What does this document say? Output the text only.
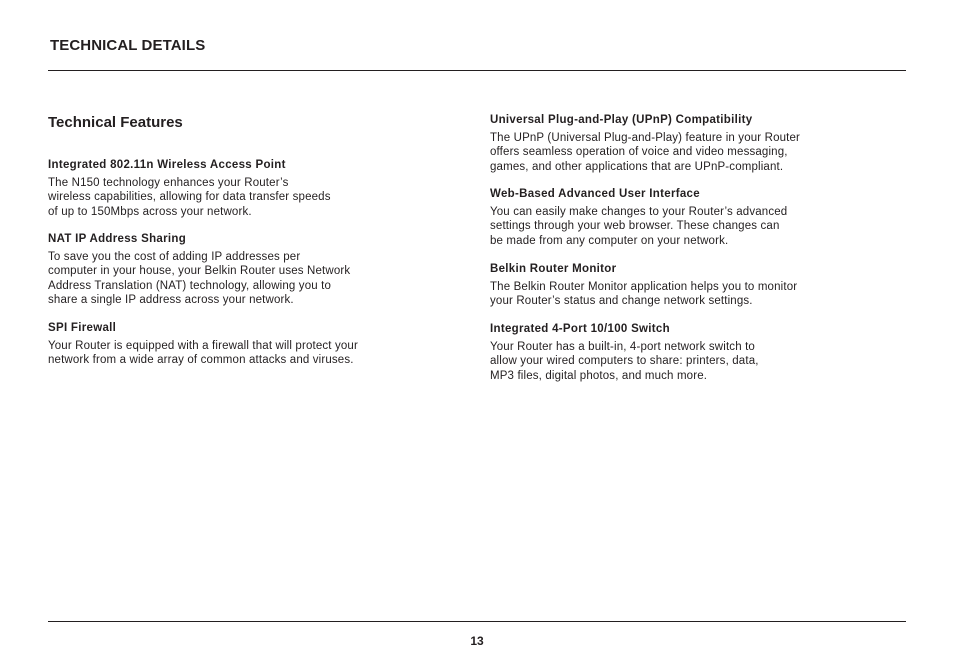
TECHNICAL DETAILS
Technical Features
Integrated 802.11n Wireless Access Point
The N150 technology enhances your Router’s
wireless capabilities, allowing for data transfer speeds
of up to 150Mbps across your network.
NAT IP Address Sharing
To save you the cost of adding IP addresses per
computer in your house, your Belkin Router uses Network
Address Translation (NAT) technology, allowing you to
share a single IP address across your network.
SPI Firewall
Your Router is equipped with a firewall that will protect your
network from a wide array of common attacks and viruses.
Universal Plug-and-Play (UPnP) Compatibility
The UPnP (Universal Plug-and-Play) feature in your Router
offers seamless operation of voice and video messaging,
games, and other applications that are UPnP-compliant.
Web-Based Advanced User Interface
You can easily make changes to your Router’s advanced
settings through your web browser. These changes can
be made from any computer on your network.
Belkin Router Monitor
The Belkin Router Monitor application helps you to monitor
your Router’s status and change network settings.
Integrated 4-Port 10/100 Switch
Your Router has a built-in, 4-port network switch to
allow your wired computers to share: printers, data,
MP3 files, digital photos, and much more.
13
